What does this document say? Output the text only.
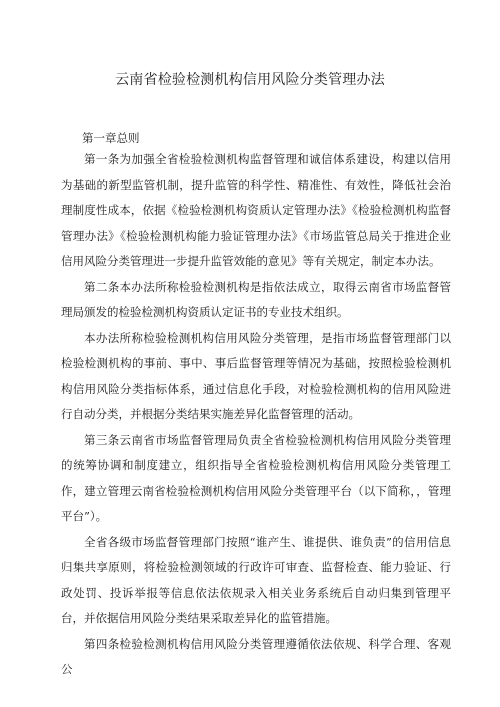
云南省检验检测机构信用风险分类管理办法
第一章总则

第一条为加强全省检验检测机构监督管理和诚信体系建设，构建以信用为基础的新型监管机制，提升监管的科学性、精准性、有效性，降低社会治理制度性成本，依据《检验检测机构资质认定管理办法》《检验检测机构监督管理办法》《检验检测机构能力验证管理办法》《市场监管总局关于推进企业信用风险分类管理进一步提升监管效能的意见》等有关规定，制定本办法。

第二条本办法所称检验检测机构是指依法成立，取得云南省市场监督管理局颁发的检验检测机构资质认定证书的专业技术组织。

本办法所称检验检测机构信用风险分类管理，是指市场监督管理部门以检验检测机构的事前、事中、事后监督管理等情况为基础，按照检验检测机构信用风险分类指标体系，通过信息化手段，对检验检测机构的信用风险进行自动分类，并根据分类结果实施差异化监督管理的活动。

第三条云南省市场监督管理局负责全省检验检测机构信用风险分类管理的统筹协调和制度建立，组织指导全省检验检测机构信用风险分类管理工作，建立管理云南省检验检测机构信用风险分类管理平台（以下简称，，管理平台”）。

全省各级市场监督管理部门按照“谁产生、谁提供、谁负责”的信用信息归集共享原则，将检验检测领域的行政许可审查、监督检查、能力验证、行政处罚、投诉举报等信息依法依规录入相关业务系统后自动归集到管理平台，并依据信用风险分类结果采取差异化的监管措施。

第四条检验检测机构信用风险分类管理遵循依法依规、科学合理、客观公
